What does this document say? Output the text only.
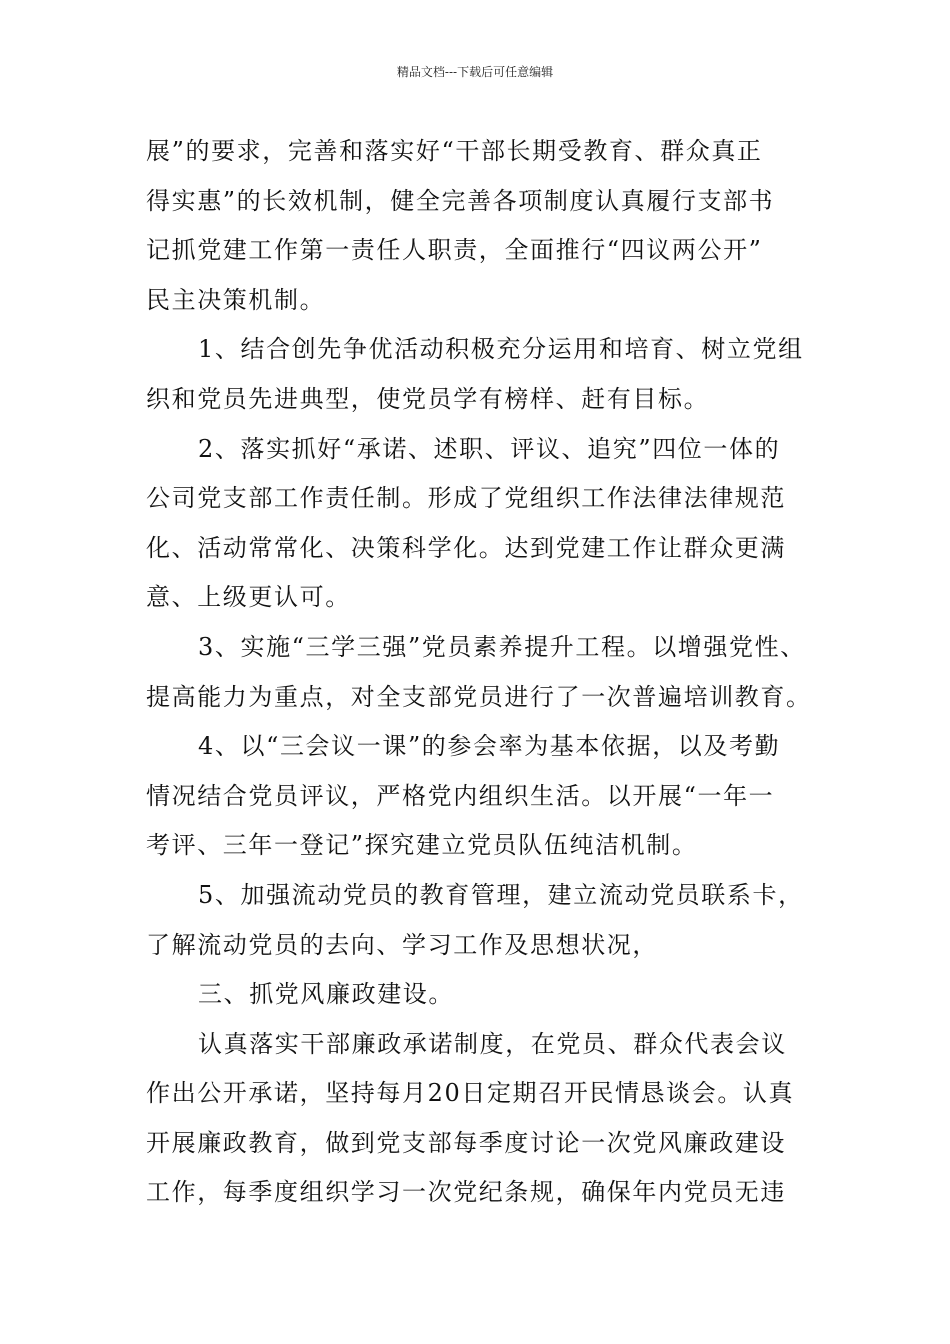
精品文档---下载后可任意编辑
展”的要求，完善和落实好“干部长期受教育、群众真正
得实惠”的长效机制，健全完善各项制度认真履行支部书
记抓党建工作第一责任人职责，全面推行“四议两公开”
民主决策机制。
1、结合创先争优活动积极充分运用和培育、树立党组
织和党员先进典型，使党员学有榜样、赶有目标。
2、落实抓好“承诺、述职、评议、追究”四位一体的
公司党支部工作责任制。形成了党组织工作法律法律规范
化、活动常常化、决策科学化。达到党建工作让群众更满
意、上级更认可。
3、实施“三学三强”党员素养提升工程。以增强党性、
提高能力为重点，对全支部党员进行了一次普遍培训教育。
4、以“三会议一课”的参会率为基本依据，以及考勤
情况结合党员评议，严格党内组织生活。以开展“一年一
考评、三年一登记”探究建立党员队伍纯洁机制。
5、加强流动党员的教育管理，建立流动党员联系卡，
了解流动党员的去向、学习工作及思想状况，
三、抓党风廉政建设。
认真落实干部廉政承诺制度，在党员、群众代表会议
作出公开承诺，坚持每月20日定期召开民情恳谈会。认真
开展廉政教育，做到党支部每季度讨论一次党风廉政建设
工作，每季度组织学习一次党纪条规，确保年内党员无违
